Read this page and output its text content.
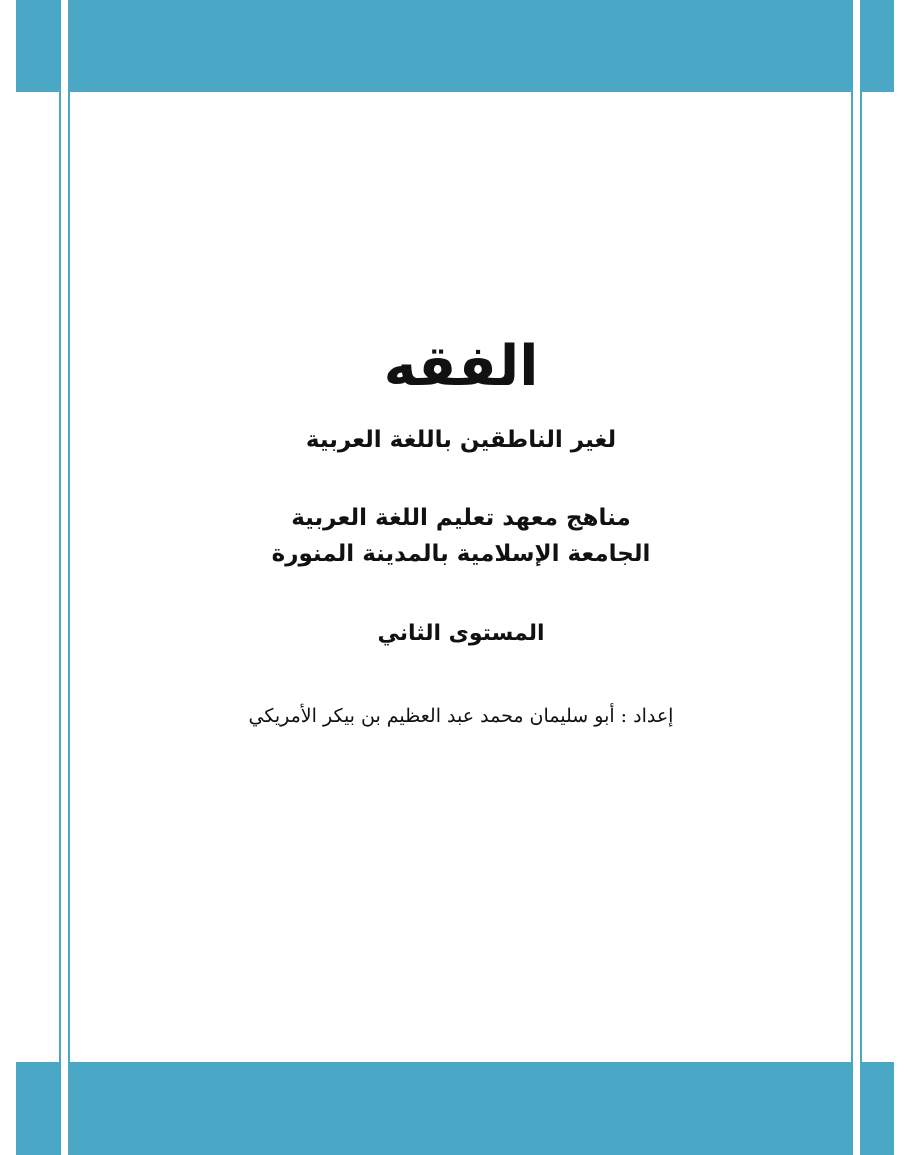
الفقه
لغير الناطقين باللغة العربية
مناهج معهد تعليم اللغة العربية
الجامعة الإسلامية بالمدينة المنورة
المستوى الثاني
إعداد : أبو سليمان محمد عبد العظيم بن بيكر الأمريكي
